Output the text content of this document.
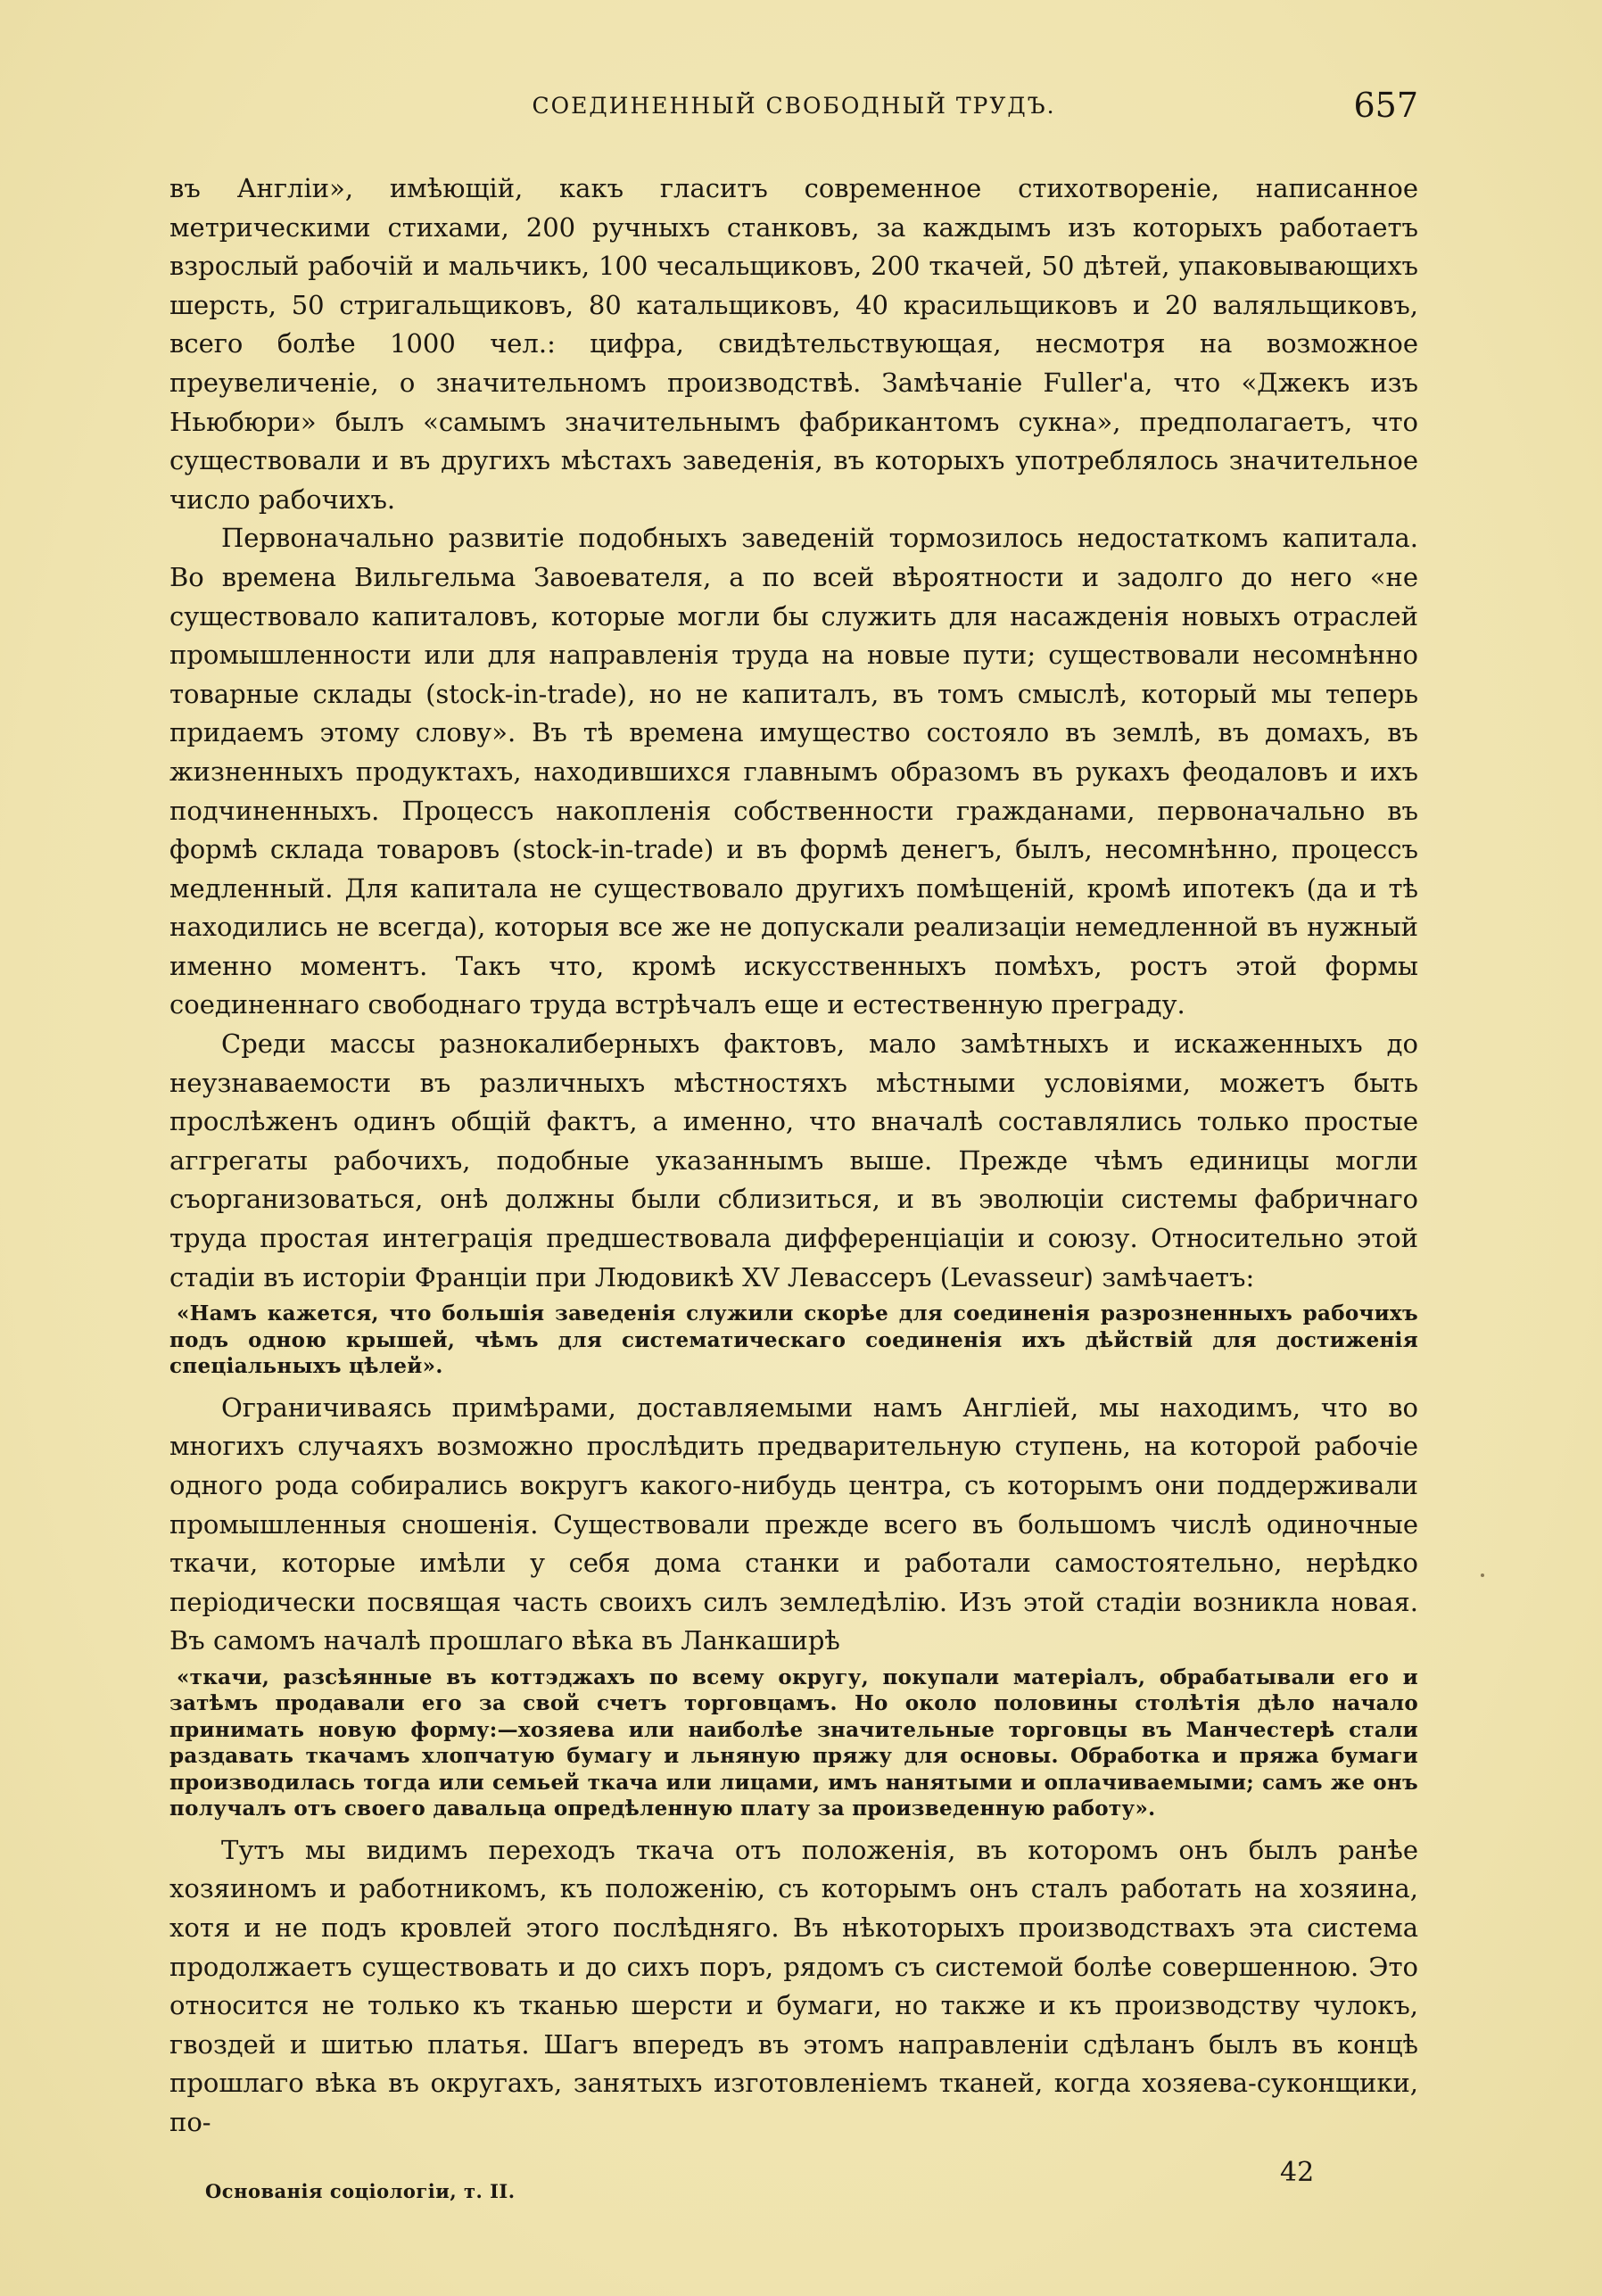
СОЕДИНЕННЫЙ СВОБОДНЫЙ ТРУДЪ.	657

въ Англіи», имѣющій, какъ гласитъ современное стихотвореніе, написанное метрическими стихами, 200 ручныхъ станковъ, за каждымъ изъ которыхъ работаетъ взрослый рабочій и мальчикъ, 100 чесальщиковъ, 200 ткачей, 50 дѣтей, упаковывающихъ шерсть, 50 стригальщиковъ, 80 катальщиковъ, 40 красильщиковъ и 20 валяльщиковъ, всего болѣе 1000 чел.: цифра, свидѣтельствующая, несмотря на возможное преувеличеніе, о значительномъ производствѣ. Замѣчаніе Fuller'а, что «Джекъ изъ Ньюбюри» былъ «самымъ значительнымъ фабрикантомъ сукна», предполагаетъ, что существовали и въ другихъ мѣстахъ заведенія, въ которыхъ употреблялось значительное число рабочихъ.

Первоначально развитіе подобныхъ заведеній тормозилось недостаткомъ капитала. Во времена Вильгельма Завоевателя, а по всей вѣроятности и задолго до него «не существовало капиталовъ, которые могли бы служить для насажденія новыхъ отраслей промышленности или для направленія труда на новые пути; существовали несомнѣнно товарные склады (stock-in-trade), но не капиталъ, въ томъ смыслѣ, который мы теперь придаемъ этому слову». Въ тѣ времена имущество состояло въ землѣ, въ домахъ, въ жизненныхъ продуктахъ, находившихся главнымъ образомъ въ рукахъ феодаловъ и ихъ подчиненныхъ. Процессъ накопленія собственности гражданами, первоначально въ формѣ склада товаровъ (stock-in-trade) и въ формѣ денегъ, былъ, несомнѣнно, процессъ медленный. Для капитала не существовало другихъ помѣщеній, кромѣ ипотекъ (да и тѣ находились не всегда), которыя все же не допускали реализаціи немедленной въ нужный именно моментъ. Такъ что, кромѣ искусственныхъ помѣхъ, ростъ этой формы соединеннаго свободнаго труда встрѣчалъ еще и естественную преграду.

Среди массы разнокалиберныхъ фактовъ, мало замѣтныхъ и искаженныхъ до неузнаваемости въ различныхъ мѣстностяхъ мѣстными условіями, можетъ быть прослѣженъ одинъ общій фактъ, а именно, что вначалѣ составлялись только простые аггрегаты рабочихъ, подобные указаннымъ выше. Прежде чѣмъ единицы могли съорганизоваться, онѣ должны были сблизиться, и въ эволюціи системы фабричнаго труда простая интеграція предшествовала дифференціаціи и союзу. Относительно этой стадіи въ исторіи Франціи при Людовикѣ XV Левассеръ (Levasseur) замѣчаетъ:

«Намъ кажется, что большія заведенія служили скорѣе для соединенія разрозненныхъ рабочихъ подъ одною крышей, чѣмъ для систематическаго соединенія ихъ дѣйствій для достиженія спеціальныхъ цѣлей».

Ограничиваясь примѣрами, доставляемыми намъ Англіей, мы находимъ, что во многихъ случаяхъ возможно прослѣдить предварительную ступень, на которой рабочіе одного рода собирались вокругъ какого-нибудь центра, съ которымъ они поддерживали промышленныя сношенія. Существовали прежде всего въ большомъ числѣ одиночные ткачи, которые имѣли у себя дома станки и работали самостоятельно, нерѣдко періодически посвящая часть своихъ силъ земледѣлію. Изъ этой стадіи возникла новая. Въ самомъ началѣ прошлаго вѣка въ Ланкаширѣ

«ткачи, разсѣянные въ коттэджахъ по всему округу, покупали матеріалъ, обрабатывали его и затѣмъ продавали его за свой счетъ торговцамъ. Но около половины столѣтія дѣло начало принимать новую форму:—хозяева или наиболѣе значительные торговцы въ Манчестерѣ стали раздавать ткачамъ хлопчатую бумагу и льняную пряжу для основы. Обработка и пряжа бумаги производилась тогда или семьей ткача или лицами, имъ нанятыми и оплачиваемыми; самъ же онъ получалъ отъ своего давальца опредѣленную плату за произведенную работу».

Тутъ мы видимъ переходъ ткача отъ положенія, въ которомъ онъ былъ ранѣе хозяиномъ и работникомъ, къ положенію, съ которымъ онъ сталъ работать на хозяина, хотя и не подъ кровлей этого послѣдняго. Въ нѣкоторыхъ производствахъ эта система продолжаетъ существовать и до сихъ поръ, рядомъ съ системой болѣе совершенною. Это относится не только къ тканью шерсти и бумаги, но также и къ производству чулокъ, гвоздей и шитью платья. Шагъ впередъ въ этомъ направленіи сдѣланъ былъ въ концѣ прошлаго вѣка въ округахъ, занятыхъ изготовленіемъ тканей, когда хозяева-суконщики, по-

Основанія соціологіи, т. II.
42
